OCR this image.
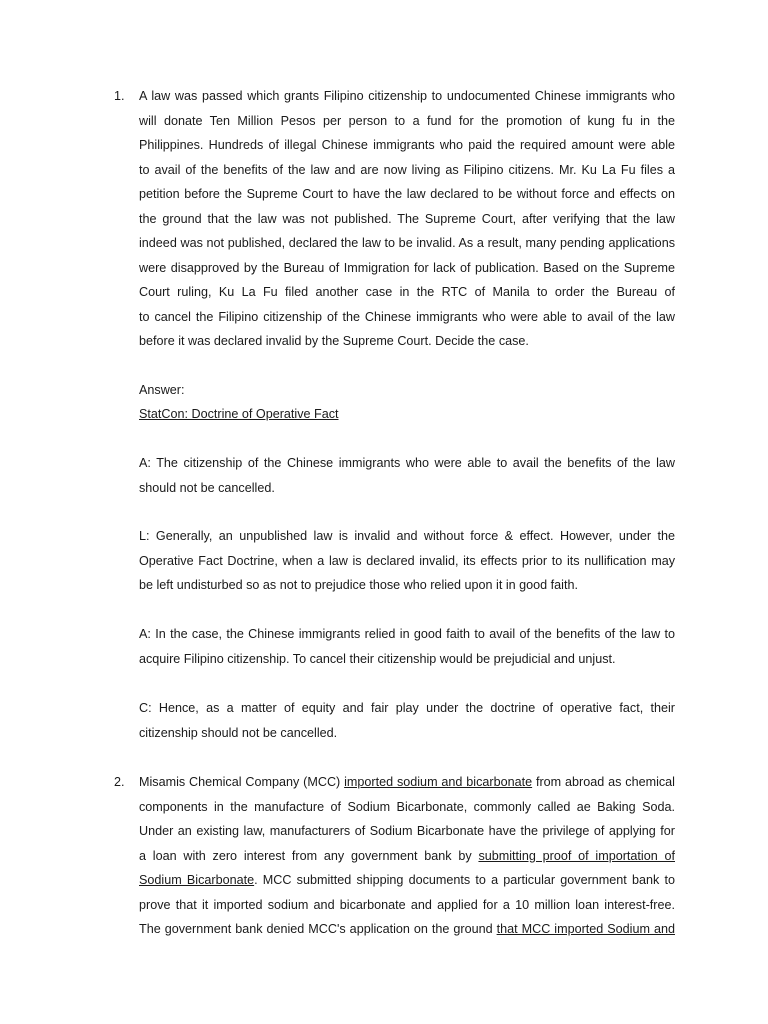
1. A law was passed which grants Filipino citizenship to undocumented Chinese immigrants who
will donate Ten Million Pesos per person to a fund for the promotion of kung fu in the
Philippines. Hundreds of illegal Chinese immigrants who paid the required amount were able
to avail of the benefits of the law and are now living as Filipino citizens. Mr. Ku La Fu files a
petition before the Supreme Court to have the law declared to be without force and effects on
the ground that the law was not published. The Supreme Court, after verifying that the law
indeed was not published, declared the law to be invalid. As a result, many pending applications
were disapproved by the Bureau of Immigration for lack of publication. Based on the Supreme
Court ruling, Ku La Fu filed another case in the RTC of Manila to order the Bureau of
to cancel the Filipino citizenship of the Chinese immigrants who were able to avail of the law
before it was declared invalid by the Supreme Court. Decide the case.
Answer:
StatCon: Doctrine of Operative Fact
A: The citizenship of the Chinese immigrants who were able to avail the benefits of the law
should not be cancelled.
L: Generally, an unpublished law is invalid and without force & effect. However, under the
Operative Fact Doctrine, when a law is declared invalid, its effects prior to its nullification may
be left undisturbed so as not to prejudice those who relied upon it in good faith.
A: In the case, the Chinese immigrants relied in good faith to avail of the benefits of the law to
acquire Filipino citizenship. To cancel their citizenship would be prejudicial and unjust.
C: Hence, as a matter of equity and fair play under the doctrine of operative fact, their
citizenship should not be cancelled.
2. Misamis Chemical Company (MCC) imported sodium and bicarbonate from abroad as chemical
components in the manufacture of Sodium Bicarbonate, commonly called ae Baking Soda.
Under an existing law, manufacturers of Sodium Bicarbonate have the privilege of applying for
a loan with zero interest from any government bank by submitting proof of importation of
Sodium Bicarbonate. MCC submitted shipping documents to a particular government bank to
prove that it imported sodium and bicarbonate and applied for a 10 million loan interest-free.
The government bank denied MCC's application on the ground that MCC imported Sodium and
